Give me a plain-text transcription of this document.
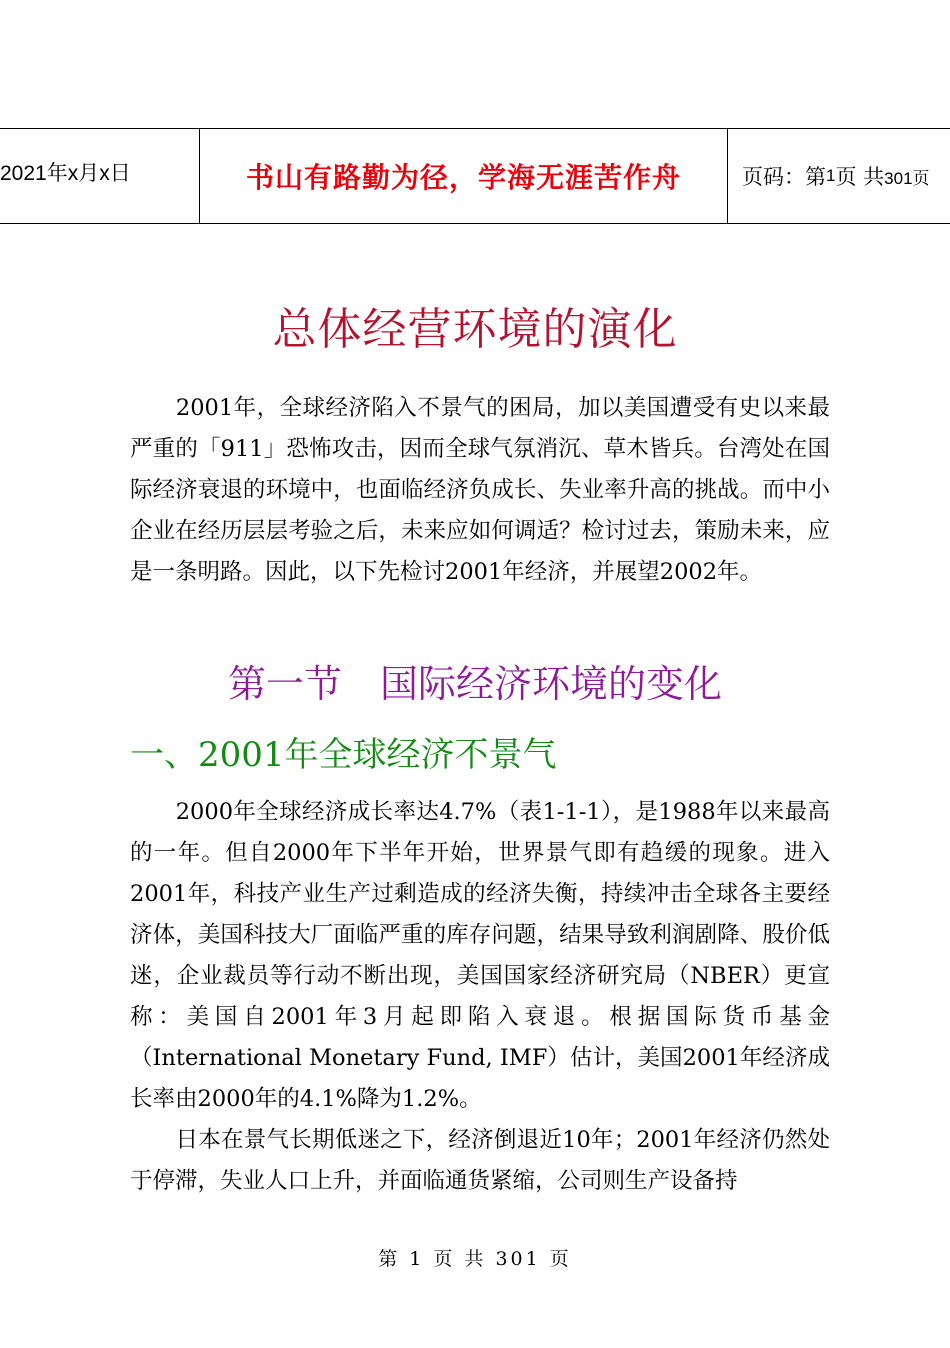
2021年x月x日	书山有路勤为径，学海无涯苦作舟	页码：第 1 页 共 301页
总体经营环境的演化

　　2001年，全球经济陷入不景气的困局，加以美国遭受有史以来最严重的「911」恐怖攻击，因而全球气氛消沉、草木皆兵。台湾处在国际经济衰退的环境中，也面临经济负成长、失业率升高的挑战。而中小企业在经历层层考验之后，未来应如何调适？检讨过去，策励未来，应是一条明路。因此，以下先检讨2001年经济，并展望2002年。

第一节　国际经济环境的变化
一、2001年全球经济不景气

　　2000年全球经济成长率达4.7%（表1-1-1），是1988年以来最高的一年。但自2000年下半年开始，世界景气即有趋缓的现象。进入2001年，科技产业生产过剩造成的经济失衡，持续冲击全球各主要经济体，美国科技大厂面临严重的库存问题，结果导致利润剧降、股价低迷，企业裁员等行动不断出现，美国国家经济研究局（NBER）更宣称：美国自2001年3月起即陷入衰退。根据国际货币基金（International Monetary Fund, IMF）估计，美国2001年经济成长率由2000年的4.1%降为1.2%。

　　日本在景气长期低迷之下，经济倒退近10年；2001年经济仍然处于停滞，失业人口上升，并面临通货紧缩，公司则生产设备持

第 1 页 共 301 页
